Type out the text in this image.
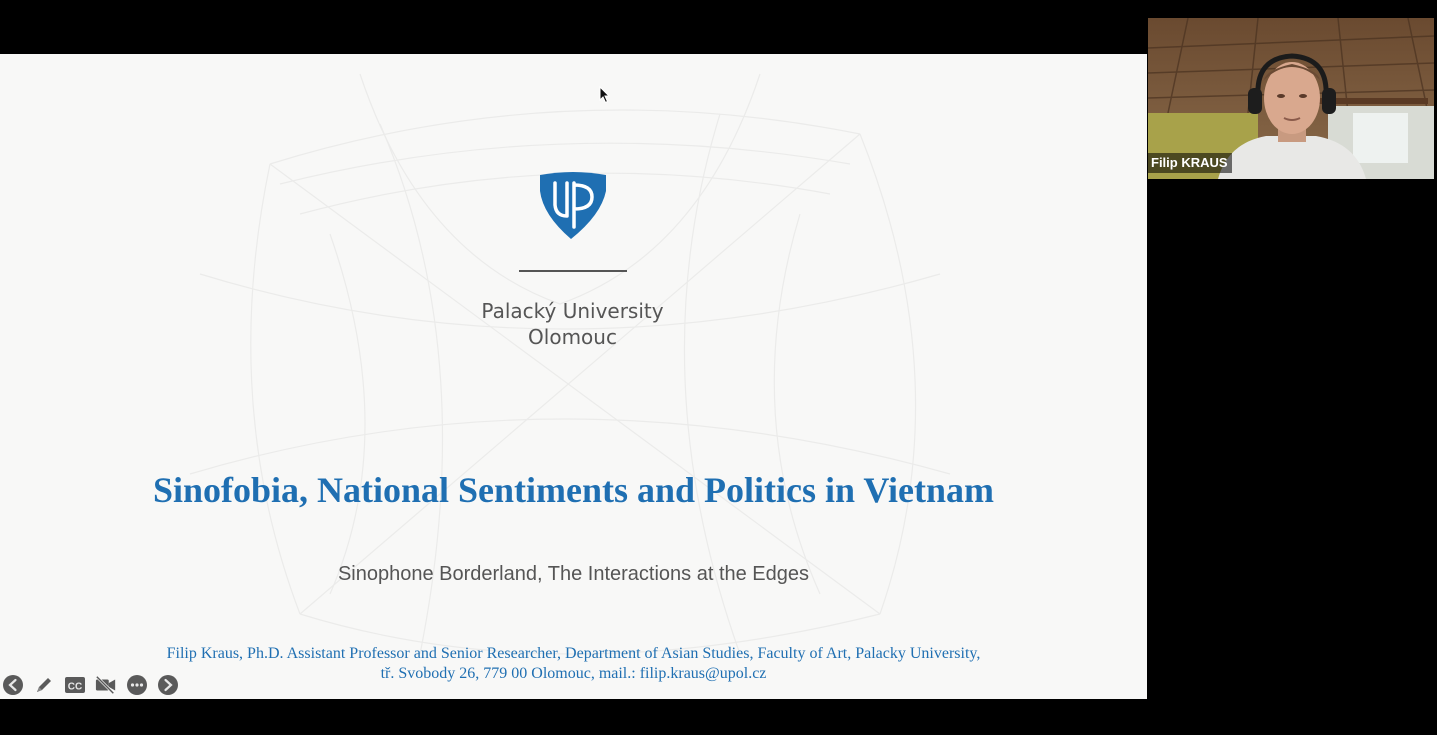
Palacký University
Olomouc
Sinofobia, National Sentiments and Politics in Vietnam
Sinophone Borderland, The Interactions at the Edges
Filip Kraus, Ph.D. Assistant Professor and Senior Researcher, Department of Asian Studies, Faculty of Art, Palacky University,
tř. Svobody 26, 779 00 Olomouc, mail.: filip.kraus@upol.cz
CC
Filip KRAUS
